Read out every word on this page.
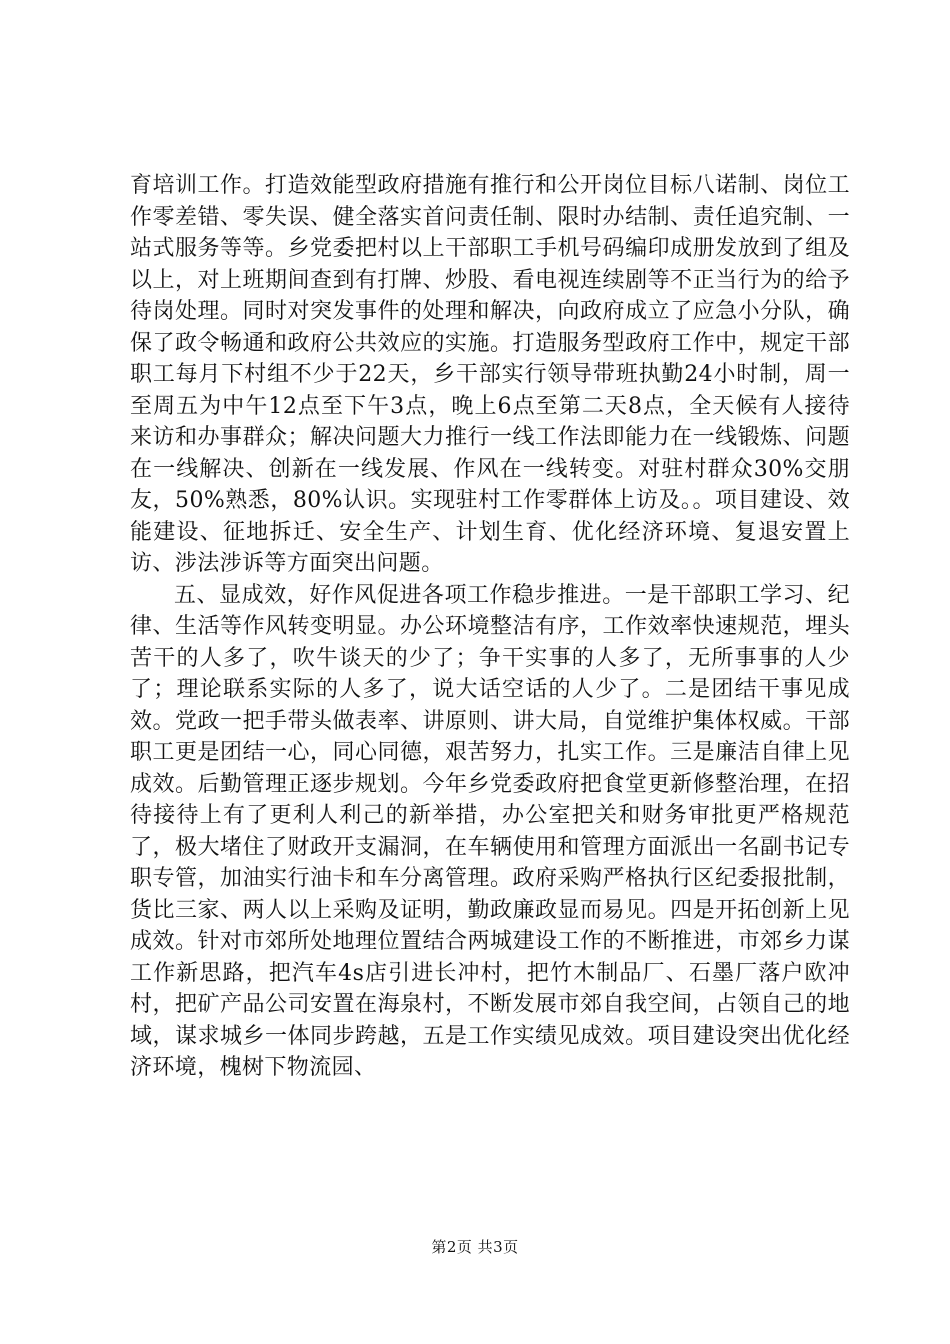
育培训工作。打造效能型政府措施有推行和公开岗位目标八诺制、岗位工作零差错、零失误、健全落实首问责任制、限时办结制、责任追究制、一站式服务等等。乡党委把村以上干部职工手机号码编印成册发放到了组及以上，对上班期间查到有打牌、炒股、看电视连续剧等不正当行为的给予待岗处理。同时对突发事件的处理和解决，向政府成立了应急小分队，确保了政令畅通和政府公共效应的实施。打造服务型政府工作中，规定干部职工每月下村组不少于22天，乡干部实行领导带班执勤24小时制，周一至周五为中午12点至下午3点，晚上6点至第二天8点，全天候有人接待来访和办事群众；解决问题大力推行一线工作法即能力在一线锻炼、问题在一线解决、创新在一线发展、作风在一线转变。对驻村群众30%交朋友，50%熟悉，80%认识。实现驻村工作零群体上访及。。项目建设、效能建设、征地拆迁、安全生产、计划生育、优化经济环境、复退安置上访、涉法涉诉等方面突出问题。

五、显成效，好作风促进各项工作稳步推进。一是干部职工学习、纪律、生活等作风转变明显。办公环境整洁有序，工作效率快速规范，埋头苦干的人多了，吹牛谈天的少了；争干实事的人多了，无所事事的人少了；理论联系实际的人多了，说大话空话的人少了。二是团结干事见成效。党政一把手带头做表率、讲原则、讲大局，自觉维护集体权威。干部职工更是团结一心，同心同德，艰苦努力，扎实工作。三是廉洁自律上见成效。后勤管理正逐步规划。今年乡党委政府把食堂更新修整治理，在招待接待上有了更利人利己的新举措，办公室把关和财务审批更严格规范了，极大堵住了财政开支漏洞，在车辆使用和管理方面派出一名副书记专职专管，加油实行油卡和车分离管理。政府采购严格执行区纪委报批制，货比三家、两人以上采购及证明，勤政廉政显而易见。四是开拓创新上见成效。针对市郊所处地理位置结合两城建设工作的不断推进，市郊乡力谋工作新思路，把汽车4s店引进长冲村，把竹木制品厂、石墨厂落户欧冲村，把矿产品公司安置在海泉村，不断发展市郊自我空间，占领自己的地域，谋求城乡一体同步跨越，五是工作实绩见成效。项目建设突出优化经济环境，槐树下物流园、

第2页 共3页
